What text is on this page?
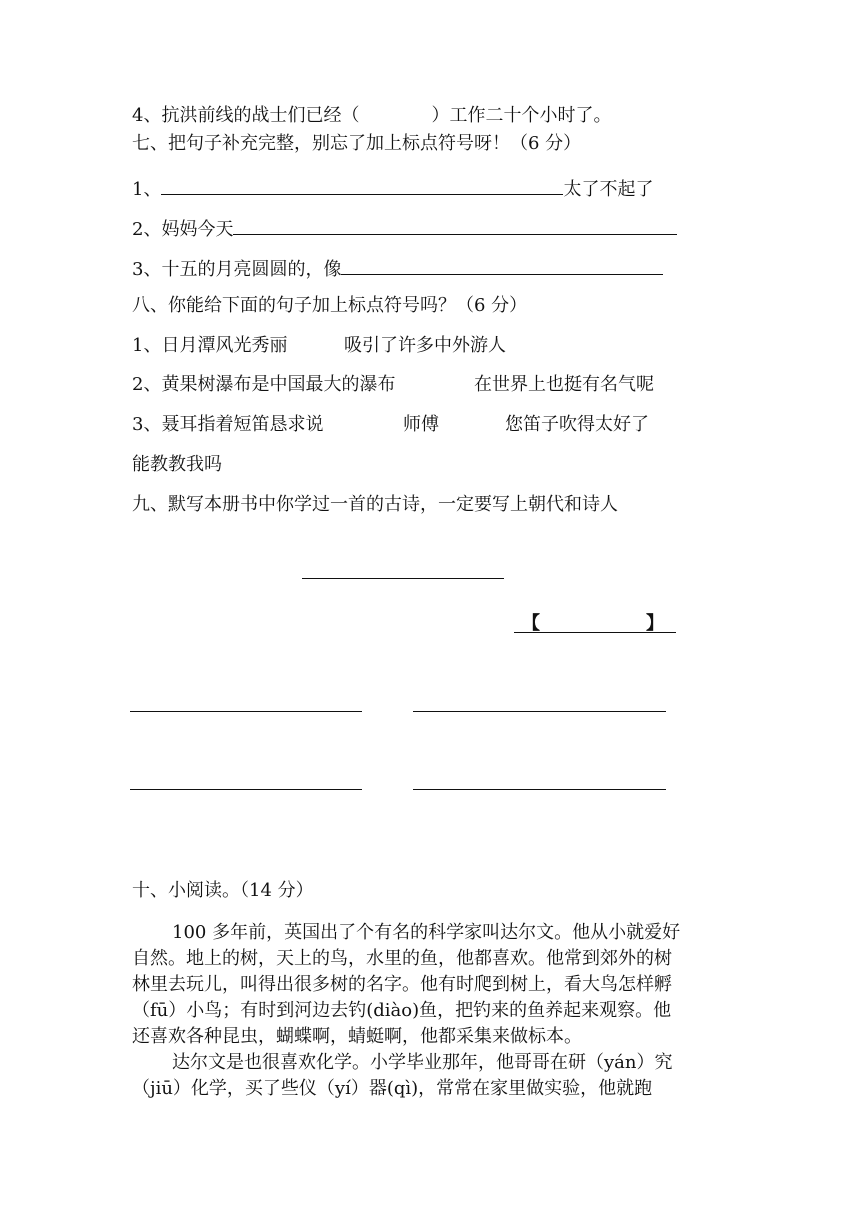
4、抗洪前线的战士们已经（　　　　）工作二十个小时了。
七、把句子补充完整，别忘了加上标点符号呀！（6 分）
1、	太了不起了
2、妈妈今天
3、十五的月亮圆圆的，像
八、你能给下面的句子加上标点符号吗？（6 分）
1、日月潭风光秀丽	吸引了许多中外游人
2、黄果树瀑布是中国最大的瀑布	在世界上也挺有名气呢
3、聂耳指着短笛恳求说	师傅	您笛子吹得太好了
能教教我吗
九、默写本册书中你学过一首的古诗，一定要写上朝代和诗人
【	】
十、小阅读。（14 分）
100 多年前，英国出了个有名的科学家叫达尔文。他从小就爱好
自然。地上的树，天上的鸟，水里的鱼，他都喜欢。他常到郊外的树
林里去玩儿，叫得出很多树的名字。他有时爬到树上，看大鸟怎样孵
（fū）小鸟；有时到河边去钓(diào)鱼，把钓来的鱼养起来观察。他
还喜欢各种昆虫，蝴蝶啊，蜻蜓啊，他都采集来做标本。
达尔文是也很喜欢化学。小学毕业那年，他哥哥在研（yán）究
（jiū）化学，买了些仪（yí）器(qì)，常常在家里做实验，他就跑
